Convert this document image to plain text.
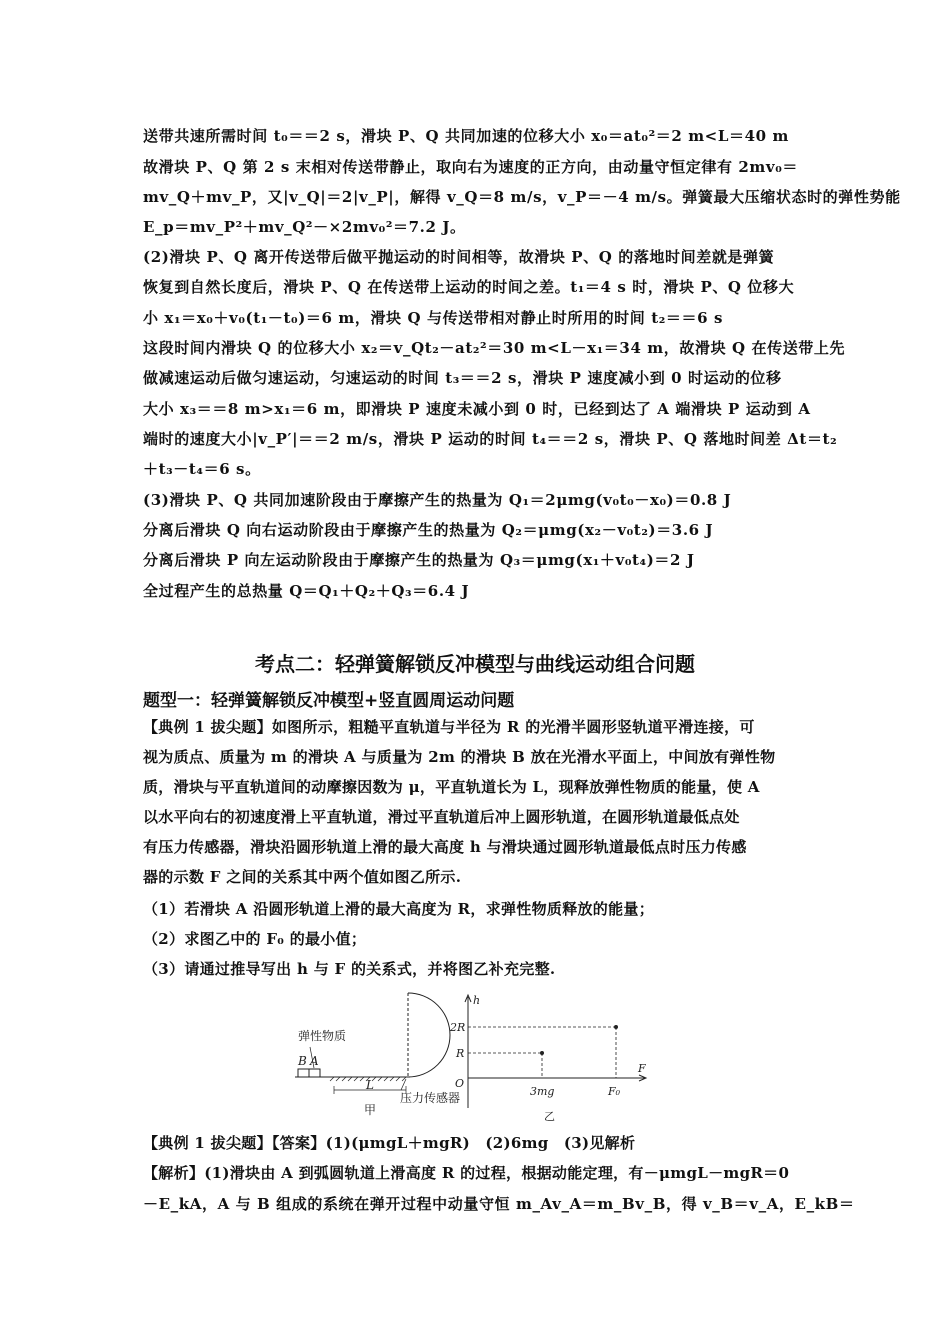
送带共速所需时间 t₀＝＝2 s，滑块 P、Q 共同加速的位移大小 x₀＝at₀²＝2 m<L＝40 m
故滑块 P、Q 第 2 s 末相对传送带静止，取向右为速度的正方向，由动量守恒定律有 2mv₀＝
mv_Q＋mv_P，又|v_Q|＝2|v_P|，解得 v_Q＝8 m/s，v_P＝－4 m/s。弹簧最大压缩状态时的弹性势能
E_p＝mv_P²＋mv_Q²－×2mv₀²＝7.2 J。
(2)滑块 P、Q 离开传送带后做平抛运动的时间相等，故滑块 P、Q 的落地时间差就是弹簧
恢复到自然长度后，滑块 P、Q 在传送带上运动的时间之差。t₁＝4 s 时，滑块 P、Q 位移大
小 x₁＝x₀＋v₀(t₁－t₀)＝6 m，滑块 Q 与传送带相对静止时所用的时间 t₂＝＝6 s
这段时间内滑块 Q 的位移大小 x₂＝v_Qt₂－at₂²＝30 m<L－x₁＝34 m，故滑块 Q 在传送带上先
做减速运动后做匀速运动，匀速运动的时间 t₃＝＝2 s，滑块 P 速度减小到 0 时运动的位移
大小 x₃＝＝8 m>x₁＝6 m，即滑块 P 速度未减小到 0 时，已经到达了 A 端滑块 P 运动到 A
端时的速度大小|v_P′|＝＝2 m/s，滑块 P 运动的时间 t₄＝＝2 s，滑块 P、Q 落地时间差 Δt＝t₂
＋t₃－t₄＝6 s。
(3)滑块 P、Q 共同加速阶段由于摩擦产生的热量为 Q₁＝2μmg(v₀t₀－x₀)＝0.8 J
分离后滑块 Q 向右运动阶段由于摩擦产生的热量为 Q₂＝μmg(x₂－v₀t₂)＝3.6 J
分离后滑块 P 向左运动阶段由于摩擦产生的热量为 Q₃＝μmg(x₁＋v₀t₄)＝2 J
全过程产生的总热量 Q＝Q₁＋Q₂＋Q₃＝6.4 J
考点二：轻弹簧解锁反冲模型与曲线运动组合问题
题型一：轻弹簧解锁反冲模型+竖直圆周运动问题
【典例 1 拔尖题】如图所示，粗糙平直轨道与半径为 R 的光滑半圆形竖轨道平滑连接，可
视为质点、质量为 m 的滑块 A 与质量为 2m 的滑块 B 放在光滑水平面上，中间放有弹性物
质，滑块与平直轨道间的动摩擦因数为 μ，平直轨道长为 L，现释放弹性物质的能量，使 A
以水平向右的初速度滑上平直轨道，滑过平直轨道后冲上圆形轨道，在圆形轨道最低点处
有压力传感器，滑块沿圆形轨道上滑的最大高度 h 与滑块通过圆形轨道最低点时压力传感
器的示数 F 之间的关系其中两个值如图乙所示.
（1）若滑块 A 沿圆形轨道上滑的最大高度为 R，求弹性物质释放的能量；
（2）求图乙中的 F₀ 的最小值；
（3）请通过推导写出 h 与 F 的关系式，并将图乙补充完整.
弹性物质
B A
L
压力传感器
甲
h
F
O
2R
R
3mg	F₀
乙
【典例 1 拔尖题】【答案】(1)(μmgL＋mgR)　(2)6mg　(3)见解析
【解析】(1)滑块由 A 到弧圆轨道上滑高度 R 的过程，根据动能定理，有－μmgL－mgR＝0
－E_kA，A 与 B 组成的系统在弹开过程中动量守恒 m_Av_A＝m_Bv_B，得 v_B＝v_A，E_kB＝
